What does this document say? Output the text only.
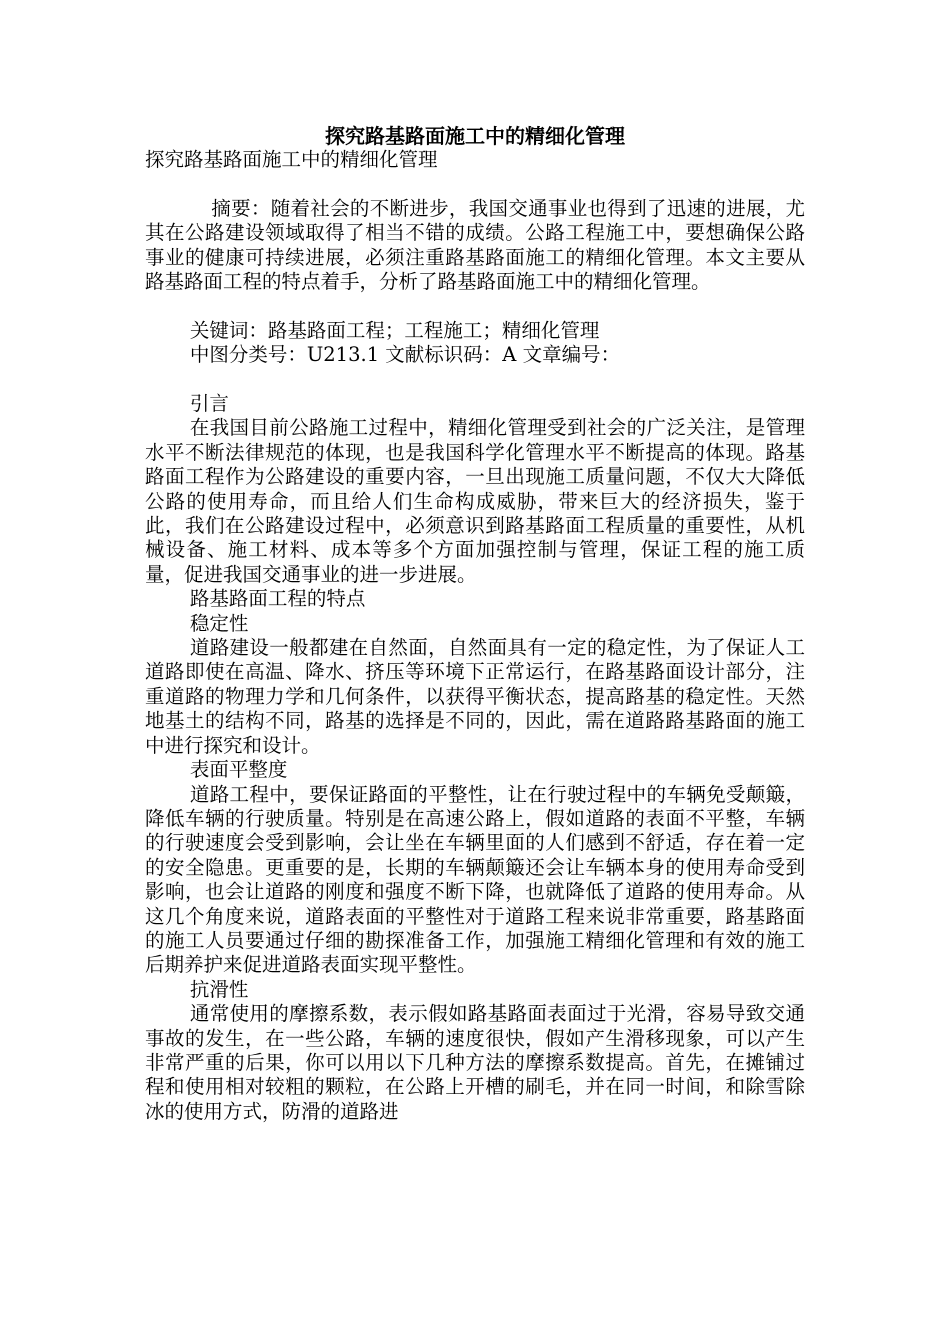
探究路基路面施工中的精细化管理

探究路基路面施工中的精细化管理

摘要：随着社会的不断进步，我国交通事业也得到了迅速的进展，尤其在公路建设领域取得了相当不错的成绩。公路工程施工中，要想确保公路事业的健康可持续进展，必须注重路基路面施工的精细化管理。本文主要从路基路面工程的特点着手，分析了路基路面施工中的精细化管理。

关键词：路基路面工程；工程施工；精细化管理

中图分类号：U213.1 文献标识码：A 文章编号：

引言

在我国目前公路施工过程中，精细化管理受到社会的广泛关注，是管理水平不断法律规范的体现，也是我国科学化管理水平不断提高的体现。路基路面工程作为公路建设的重要内容，一旦出现施工质量问题，不仅大大降低公路的使用寿命，而且给人们生命构成威胁，带来巨大的经济损失，鉴于此，我们在公路建设过程中，必须意识到路基路面工程质量的重要性，从机械设备、施工材料、成本等多个方面加强控制与管理，保证工程的施工质量，促进我国交通事业的进一步进展。

路基路面工程的特点

稳定性

道路建设一般都建在自然面，自然面具有一定的稳定性，为了保证人工道路即使在高温、降水、挤压等环境下正常运行，在路基路面设计部分，注重道路的物理力学和几何条件，以获得平衡状态，提高路基的稳定性。天然地基土的结构不同，路基的选择是不同的，因此，需在道路路基路面的施工中进行探究和设计。

表面平整度

道路工程中，要保证路面的平整性，让在行驶过程中的车辆免受颠簸，降低车辆的行驶质量。特别是在高速公路上，假如道路的表面不平整，车辆的行驶速度会受到影响，会让坐在车辆里面的人们感到不舒适，存在着一定的安全隐患。更重要的是，长期的车辆颠簸还会让车辆本身的使用寿命受到影响，也会让道路的刚度和强度不断下降，也就降低了道路的使用寿命。从这几个角度来说，道路表面的平整性对于道路工程来说非常重要，路基路面的施工人员要通过仔细的勘探准备工作，加强施工精细化管理和有效的施工后期养护来促进道路表面实现平整性。

抗滑性

通常使用的摩擦系数，表示假如路基路面表面过于光滑，容易导致交通事故的发生，在一些公路，车辆的速度很快，假如产生滑移现象，可以产生非常严重的后果，你可以用以下几种方法的摩擦系数提高。首先，在摊铺过程和使用相对较粗的颗粒，在公路上开槽的刷毛，并在同一时间，和除雪除冰的使用方式，防滑的道路进
